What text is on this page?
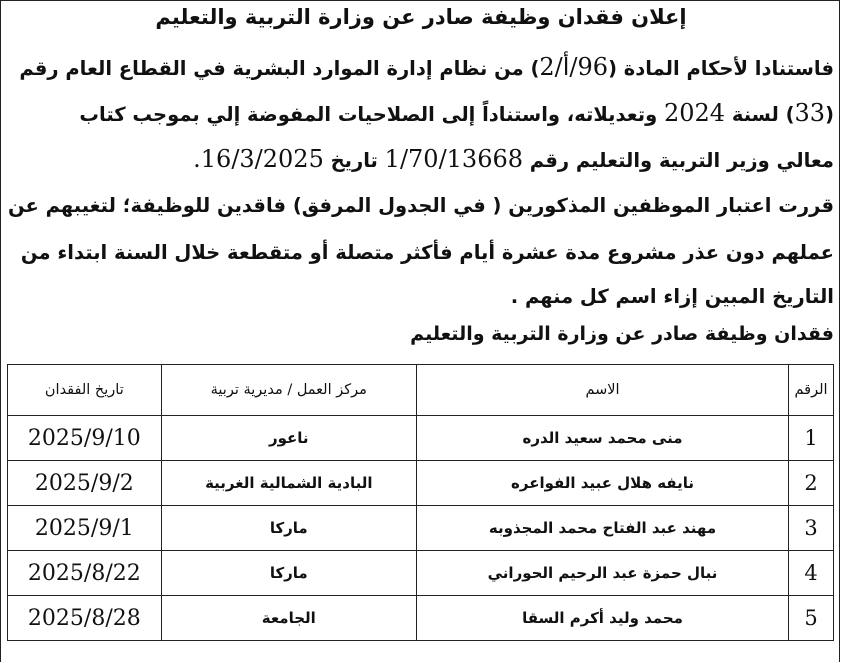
إعلان فقدان وظيفة صادر عن وزارة التربية والتعليم
فاستنادا لأحكام المادة (96/أ/2) من نظام إدارة الموارد البشرية في القطاع العام رقم
(33) لسنة 2024 وتعديلاته، واستناداً إلى الصلاحيات المفوضة إلي بموجب كتاب
معالي وزير التربية والتعليم رقم 1/70/13668 تاريخ 16/3/2025.
قررت اعتبار الموظفين المذكورين ( في الجدول المرفق) فاقدين للوظيفة؛ لتغيبهم عن
عملهم دون عذر مشروع مدة عشرة أيام فأكثر متصلة أو متقطعة خلال السنة ابتداء من
التاريخ المبين إزاء اسم كل منهم .
فقدان وظيفة صادر عن وزارة التربية والتعليم
الرقم	الاسم	مركز العمل / مديرية تربية	تاريخ الفقدان
1	منى محمد سعيد الدره	ناعور	2025/9/10
2	نايفه هلال عبيد الفواعره	البادية الشمالية الغربية	2025/9/2
3	مهند عبد الفتاح محمد المجذوبه	ماركا	2025/9/1
4	نبال حمزة عبد الرحيم الحوراني	ماركا	2025/8/22
5	محمد وليد أكرم السقا	الجامعة	2025/8/28
